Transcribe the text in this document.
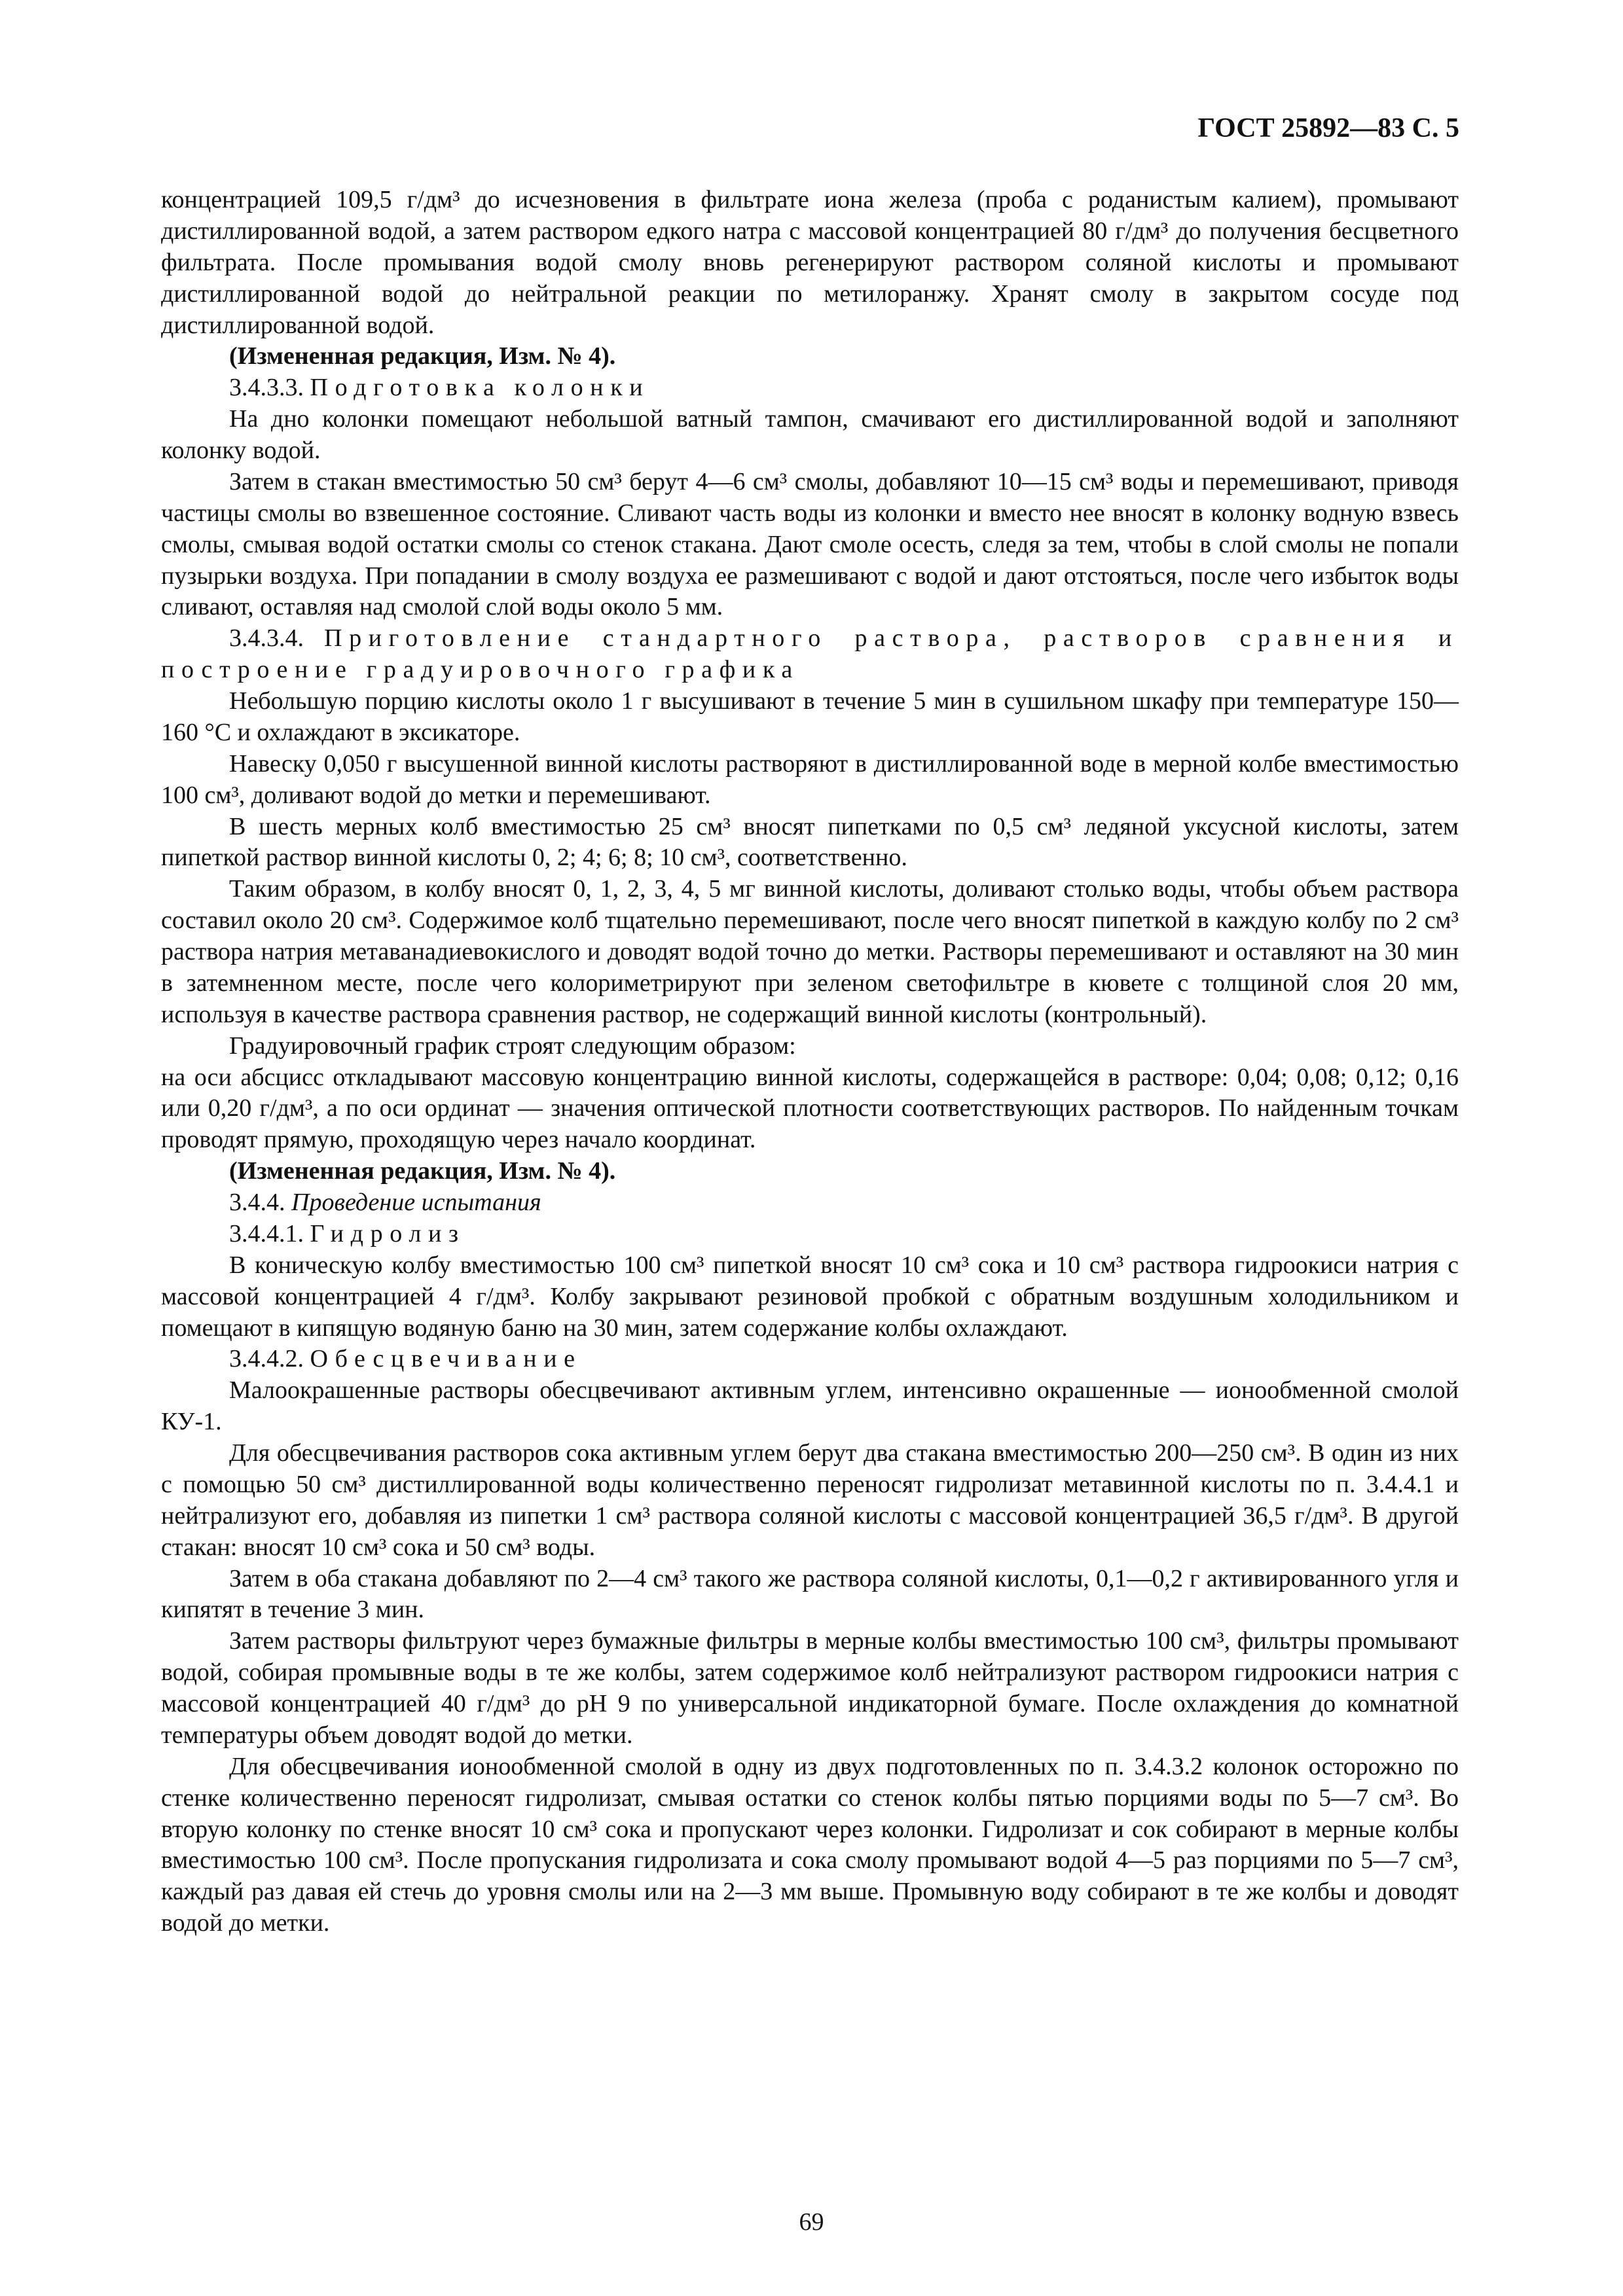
ГОСТ 25892—83 С. 5

концентрацией 109,5 г/дм³ до исчезновения в фильтрате иона железа (проба с роданистым калием), промывают дистиллированной водой, а затем раствором едкого натра с массовой концентрацией 80 г/дм³ до получения бесцветного фильтрата. После промывания водой смолу вновь регенерируют раствором соляной кислоты и промывают дистиллированной водой до нейтральной реакции по метилоранжу. Хранят смолу в закрытом сосуде под дистиллированной водой.

(Измененная редакция, Изм. № 4).

3.4.3.3. Подготовка колонки

На дно колонки помещают небольшой ватный тампон, смачивают его дистиллированной водой и заполняют колонку водой.

Затем в стакан вместимостью 50 см³ берут 4—6 см³ смолы, добавляют 10—15 см³ воды и перемешивают, приводя частицы смолы во взвешенное состояние. Сливают часть воды из колонки и вместо нее вносят в колонку водную взвесь смолы, смывая водой остатки смолы со стенок стакана. Дают смоле осесть, следя за тем, чтобы в слой смолы не попали пузырьки воздуха. При попадании в смолу воздуха ее размешивают с водой и дают отстояться, после чего избыток воды сливают, оставляя над смолой слой воды около 5 мм.

3.4.3.4. Приготовление стандартного раствора, растворов сравнения и построение градуировочного графика

Небольшую порцию кислоты около 1 г высушивают в течение 5 мин в сушильном шкафу при температуре 150—160 °С и охлаждают в эксикаторе.

Навеску 0,050 г высушенной винной кислоты растворяют в дистиллированной воде в мерной колбе вместимостью 100 см³, доливают водой до метки и перемешивают.

В шесть мерных колб вместимостью 25 см³ вносят пипетками по 0,5 см³ ледяной уксусной кислоты, затем пипеткой раствор винной кислоты 0, 2; 4; 6; 8; 10 см³, соответственно.

Таким образом, в колбу вносят 0, 1, 2, 3, 4, 5 мг винной кислоты, доливают столько воды, чтобы объем раствора составил около 20 см³. Содержимое колб тщательно перемешивают, после чего вносят пипеткой в каждую колбу по 2 см³ раствора натрия метаванадиевокислого и доводят водой точно до метки. Растворы перемешивают и оставляют на 30 мин в затемненном месте, после чего колориметрируют при зеленом светофильтре в кювете с толщиной слоя 20 мм, используя в качестве раствора сравнения раствор, не содержащий винной кислоты (контрольный).

Градуировочный график строят следующим образом:

на оси абсцисс откладывают массовую концентрацию винной кислоты, содержащейся в растворе: 0,04; 0,08; 0,12; 0,16 или 0,20 г/дм³, а по оси ординат — значения оптической плотности соответствующих растворов. По найденным точкам проводят прямую, проходящую через начало координат.

(Измененная редакция, Изм. № 4).

3.4.4. Проведение испытания

3.4.4.1. Гидролиз

В коническую колбу вместимостью 100 см³ пипеткой вносят 10 см³ сока и 10 см³ раствора гидроокиси натрия с массовой концентрацией 4 г/дм³. Колбу закрывают резиновой пробкой с обратным воздушным холодильником и помещают в кипящую водяную баню на 30 мин, затем содержание колбы охлаждают.

3.4.4.2. Обесцвечивание

Малоокрашенные растворы обесцвечивают активным углем, интенсивно окрашенные — ионообменной смолой КУ-1.

Для обесцвечивания растворов сока активным углем берут два стакана вместимостью 200—250 см³. В один из них с помощью 50 см³ дистиллированной воды количественно переносят гидролизат метавинной кислоты по п. 3.4.4.1 и нейтрализуют его, добавляя из пипетки 1 см³ раствора соляной кислоты с массовой концентрацией 36,5 г/дм³. В другой стакан: вносят 10 см³ сока и 50 см³ воды.

Затем в оба стакана добавляют по 2—4 см³ такого же раствора соляной кислоты, 0,1—0,2 г активированного угля и кипятят в течение 3 мин.

Затем растворы фильтруют через бумажные фильтры в мерные колбы вместимостью 100 см³, фильтры промывают водой, собирая промывные воды в те же колбы, затем содержимое колб нейтрализуют раствором гидроокиси натрия с массовой концентрацией 40 г/дм³ до рН 9 по универсальной индикаторной бумаге. После охлаждения до комнатной температуры объем доводят водой до метки.

Для обесцвечивания ионообменной смолой в одну из двух подготовленных по п. 3.4.3.2 колонок осторожно по стенке количественно переносят гидролизат, смывая остатки со стенок колбы пятью порциями воды по 5—7 см³. Во вторую колонку по стенке вносят 10 см³ сока и пропускают через колонки. Гидролизат и сок собирают в мерные колбы вместимостью 100 см³. После пропускания гидролизата и сока смолу промывают водой 4—5 раз порциями по 5—7 см³, каждый раз давая ей стечь до уровня смолы или на 2—3 мм выше. Промывную воду собирают в те же колбы и доводят водой до метки.

69
